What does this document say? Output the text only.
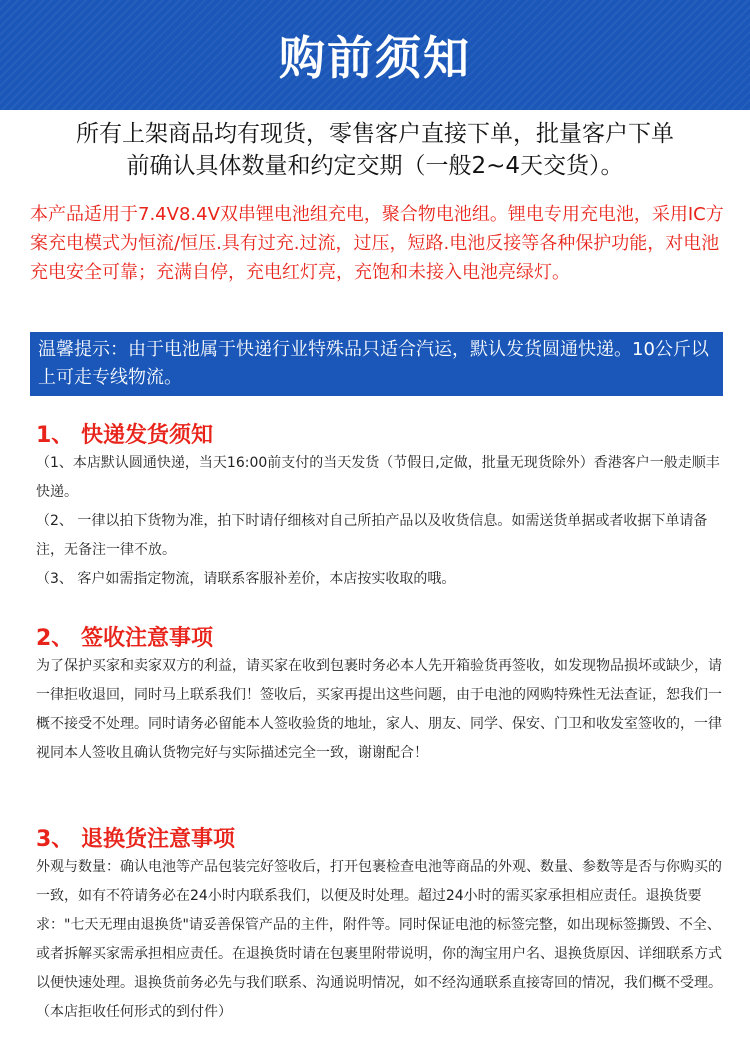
购前须知
所有上架商品均有现货，零售客户直接下单，批量客户下单
前确认具体数量和约定交期（一般2~4天交货）。
本产品适用于7.4V8.4V双串锂电池组充电，聚合物电池组。锂电专用充电池，采用IC方案充电模式为恒流/恒压.具有过充.过流，过压，短路.电池反接等各种保护功能，对电池充电安全可靠；充满自停，充电红灯亮，充饱和未接入电池亮绿灯。
温馨提示：由于电池属于快递行业特殊品只适合汽运，默认发货圆通快递。10公斤以上可走专线物流。
1、 快递发货须知

（1、本店默认圆通快递，当天16:00前支付的当天发货（节假日,定做，批量无现货除外）香港客户一般走顺丰快递。

（2、 一律以拍下货物为准，拍下时请仔细核对自己所拍产品以及收货信息。如需送货单据或者收据下单请备注，无备注一律不放。

（3、 客户如需指定物流，请联系客服补差价，本店按实收取的哦。

2、 签收注意事项

为了保护买家和卖家双方的利益，请买家在收到包裹时务必本人先开箱验货再签收，如发现物品损坏或缺少，请一律拒收退回，同时马上联系我们！签收后，买家再提出这些问题，由于电池的网购特殊性无法查证，恕我们一概不接受不处理。同时请务必留能本人签收验货的地址，家人、朋友、同学、保安、门卫和收发室签收的，一律视同本人签收且确认货物完好与实际描述完全一致，谢谢配合！

3、 退换货注意事项

外观与数量：确认电池等产品包装完好签收后，打开包裹检查电池等商品的外观、数量、参数等是否与你购买的一致，如有不符请务必在24小时内联系我们，以便及时处理。超过24小时的需买家承担相应责任。退换货要求："七天无理由退换货"请妥善保管产品的主件，附件等。同时保证电池的标签完整，如出现标签撕毁、不全、或者拆解买家需承担相应责任。在退换货时请在包裹里附带说明，你的淘宝用户名、退换货原因、详细联系方式以便快速处理。退换货前务必先与我们联系、沟通说明情况，如不经沟通联系直接寄回的情况，我们概不受理。（本店拒收任何形式的到付件）
